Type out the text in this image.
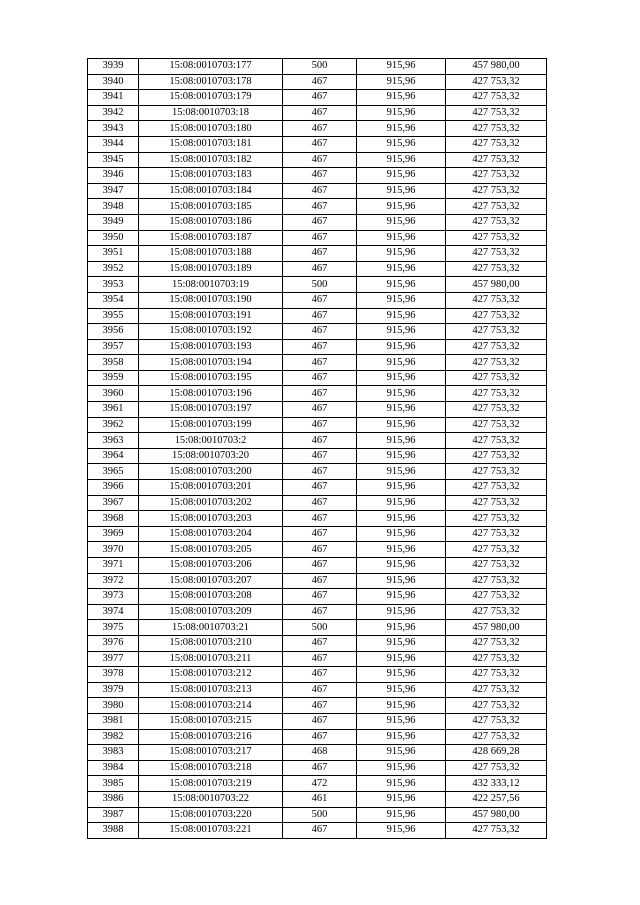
3939	15:08:0010703:177	500	915,96	457 980,00
3940	15:08:0010703:178	467	915,96	427 753,32
3941	15:08:0010703:179	467	915,96	427 753,32
3942	15:08:0010703:18	467	915,96	427 753,32
3943	15:08:0010703:180	467	915,96	427 753,32
3944	15:08:0010703:181	467	915,96	427 753,32
3945	15:08:0010703:182	467	915,96	427 753,32
3946	15:08:0010703:183	467	915,96	427 753,32
3947	15:08:0010703:184	467	915,96	427 753,32
3948	15:08:0010703:185	467	915,96	427 753,32
3949	15:08:0010703:186	467	915,96	427 753,32
3950	15:08:0010703:187	467	915,96	427 753,32
3951	15:08:0010703:188	467	915,96	427 753,32
3952	15:08:0010703:189	467	915,96	427 753,32
3953	15:08:0010703:19	500	915,96	457 980,00
3954	15:08:0010703:190	467	915,96	427 753,32
3955	15:08:0010703:191	467	915,96	427 753,32
3956	15:08:0010703:192	467	915,96	427 753,32
3957	15:08:0010703:193	467	915,96	427 753,32
3958	15:08:0010703:194	467	915,96	427 753,32
3959	15:08:0010703:195	467	915,96	427 753,32
3960	15:08:0010703:196	467	915,96	427 753,32
3961	15:08:0010703:197	467	915,96	427 753,32
3962	15:08:0010703:199	467	915,96	427 753,32
3963	15:08:0010703:2	467	915,96	427 753,32
3964	15:08:0010703:20	467	915,96	427 753,32
3965	15:08:0010703:200	467	915,96	427 753,32
3966	15:08:0010703:201	467	915,96	427 753,32
3967	15:08:0010703:202	467	915,96	427 753,32
3968	15:08:0010703:203	467	915,96	427 753,32
3969	15:08:0010703:204	467	915,96	427 753,32
3970	15:08:0010703:205	467	915,96	427 753,32
3971	15:08:0010703:206	467	915,96	427 753,32
3972	15:08:0010703:207	467	915,96	427 753,32
3973	15:08:0010703:208	467	915,96	427 753,32
3974	15:08:0010703:209	467	915,96	427 753,32
3975	15:08:0010703:21	500	915,96	457 980,00
3976	15:08:0010703:210	467	915,96	427 753,32
3977	15:08:0010703:211	467	915,96	427 753,32
3978	15:08:0010703:212	467	915,96	427 753,32
3979	15:08:0010703:213	467	915,96	427 753,32
3980	15:08:0010703:214	467	915,96	427 753,32
3981	15:08:0010703:215	467	915,96	427 753,32
3982	15:08:0010703:216	467	915,96	427 753,32
3983	15:08:0010703:217	468	915,96	428 669,28
3984	15:08:0010703:218	467	915,96	427 753,32
3985	15:08:0010703:219	472	915,96	432 333,12
3986	15:08:0010703:22	461	915,96	422 257,56
3987	15:08:0010703:220	500	915,96	457 980,00
3988	15:08:0010703:221	467	915,96	427 753,32
